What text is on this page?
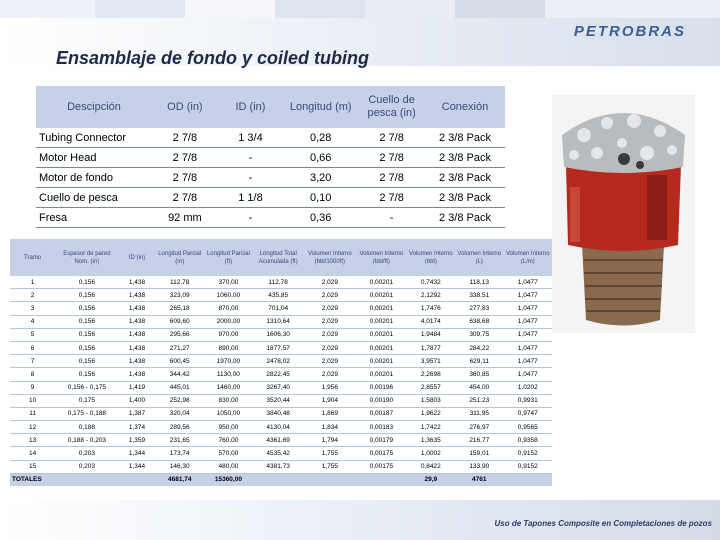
PETROBRAS
Ensamblaje de fondo y coiled tubing
Descipción	OD (in)	ID (in)	Longitud (m)	Cuello de pesca (in)	Conexión
Tubing Connector	2 7/8	1 3/4	0,28	2 7/8	2 3/8 Pack
Motor Head	2 7/8	-	0,66	2 7/8	2 3/8 Pack
Motor de fondo	2 7/8	-	3,20	2 7/8	2 3/8 Pack
Cuello de pesca	2 7/8	1 1/8	0,10	2 7/8	2 3/8 Pack
Fresa	92 mm	-	0,36	-	2 3/8 Pack
Tramo	Espesor de pared Nom. (in)	ID (in)	Longitud Parcial (m)	Longitud Parcial (ft)	Longitud Total Acumulada (ft)	Volumen Interno (bbl/1000ft)	Volumen Interno (bbl/ft)	Volumen Interno (bbl)	Volumen Interno (L)	Volumen Interno (L/m)
1	0,156	1,438	112,78	370,00	112,78	2,029	0,00201	0,7432	118,13	1,0477
2	0,156	1,438	323,09	1060,00	435,85	2,029	0,00201	2,1292	338,51	1,0477
3	0,156	1,438	265,18	870,00	701,04	2,029	0,00201	1,7476	277,83	1,0477
4	0,156	1,438	609,60	2000,00	1310,64	2,029	0,00201	4,0174	638,68	1,0477
5	0,156	1,438	295,66	970,00	1606,30	2,029	0,00201	1,9484	309,75	1,0477
6	0,156	1,438	271,27	890,00	1877,57	2,029	0,00201	1,7877	284,22	1,0477
7	0,156	1,438	600,45	1970,00	2478,02	2,029	0,00201	3,9571	629,11	1,0477
8	0,156	1,438	344,42	1130,00	2822,45	2,029	0,00201	2,2698	360,85	1,0477
9	0,156 - 0,175	1,419	445,01	1460,00	3267,40	1,956	0,00196	2,8557	454,00	1,0202
10	0,175	1,400	252,98	830,00	3520,44	1,904	0,00190	1,5803	251,23	0,9931
11	0,175 - 0,188	1,387	320,04	1050,00	3840,48	1,869	0,00187	1,9622	311,95	0,9747
12	0,188	1,374	289,56	950,00	4130,04	1,834	0,00183	1,7422	276,97	0,9565
13	0,188 - 0,203	1,359	231,65	760,00	4361,69	1,794	0,00179	1,3635	216,77	0,9358
14	0,203	1,344	173,74	570,00	4535,42	1,755	0,00175	1,0002	159,01	0,9152
15	0,203	1,344	146,30	480,00	4381,73	1,755	0,00175	0,8422	133,90	0,9152
TOTALES			4681,74	15360,00				29,9	4761	
Uso de Tapones Composite en Completaciones de pozos
